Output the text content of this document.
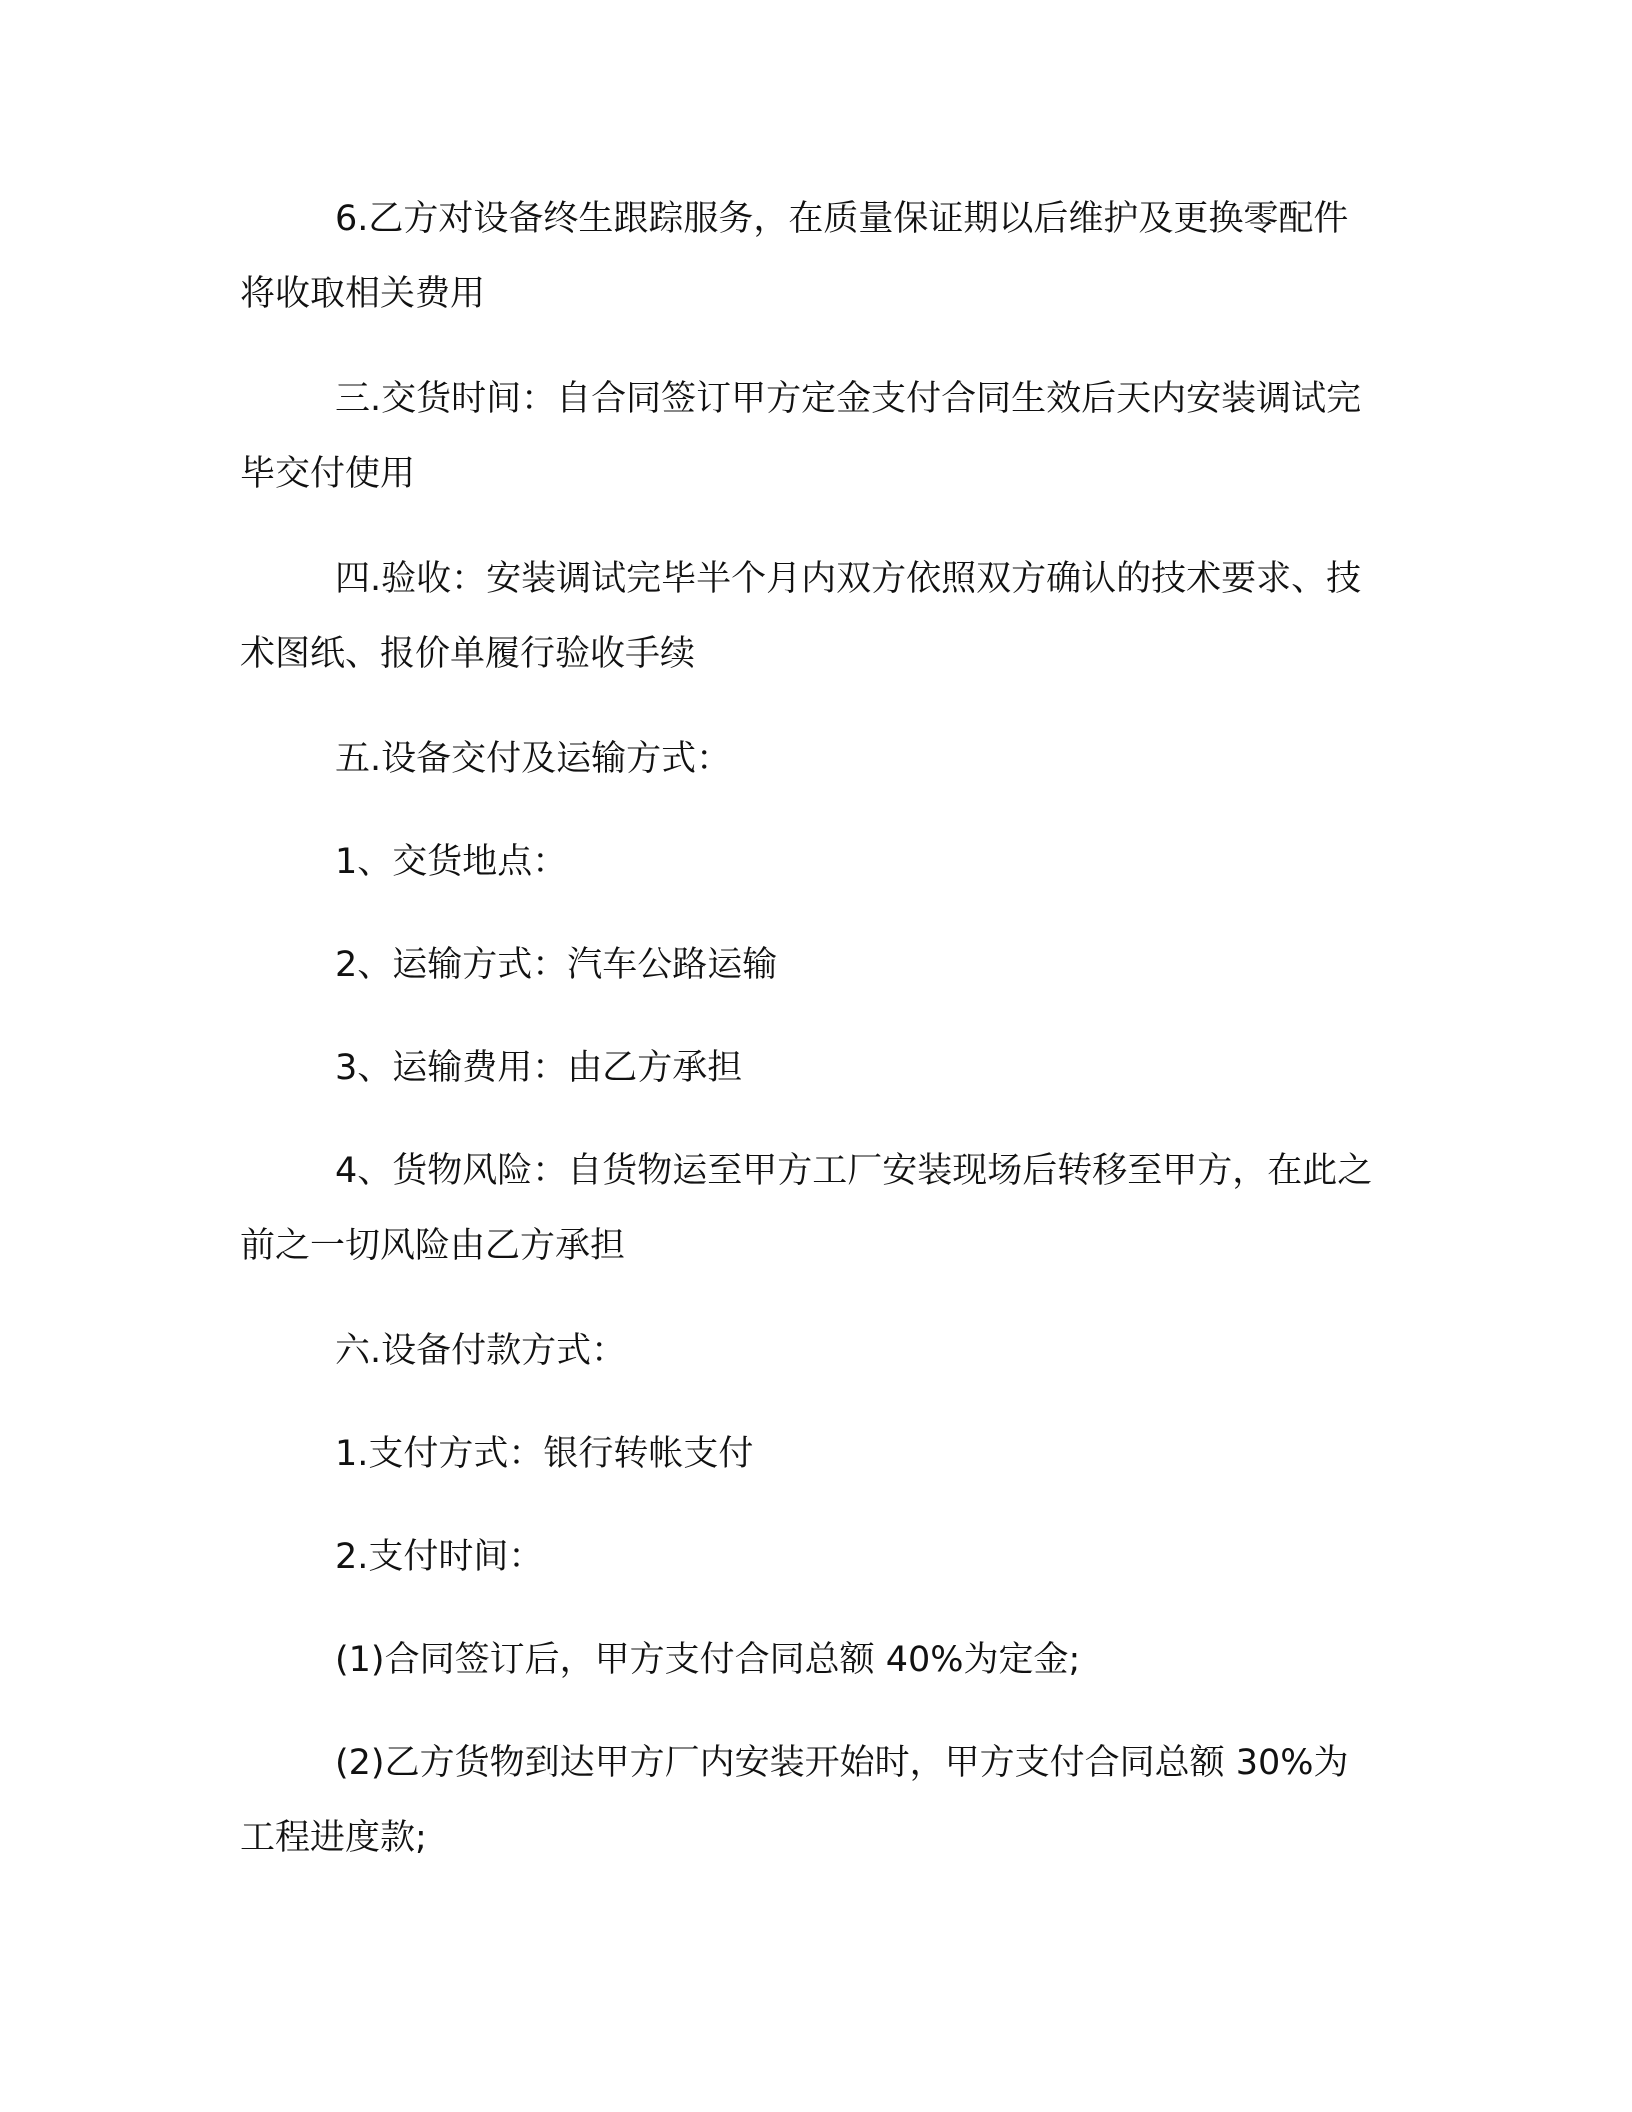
6.乙方对设备终生跟踪服务，在质量保证期以后维护及更换零配件将收取相关费用

三.交货时间：自合同签订甲方定金支付合同生效后天内安装调试完毕交付使用

四.验收：安装调试完毕半个月内双方依照双方确认的技术要求、技术图纸、报价单履行验收手续

五.设备交付及运输方式：

1、交货地点：

2、运输方式：汽车公路运输

3、运输费用：由乙方承担

4、货物风险：自货物运至甲方工厂安装现场后转移至甲方，在此之前之一切风险由乙方承担

六.设备付款方式：

1.支付方式：银行转帐支付

2.支付时间：

(1)合同签订后，甲方支付合同总额 40%为定金;

(2)乙方货物到达甲方厂内安装开始时，甲方支付合同总额 30%为工程进度款;
